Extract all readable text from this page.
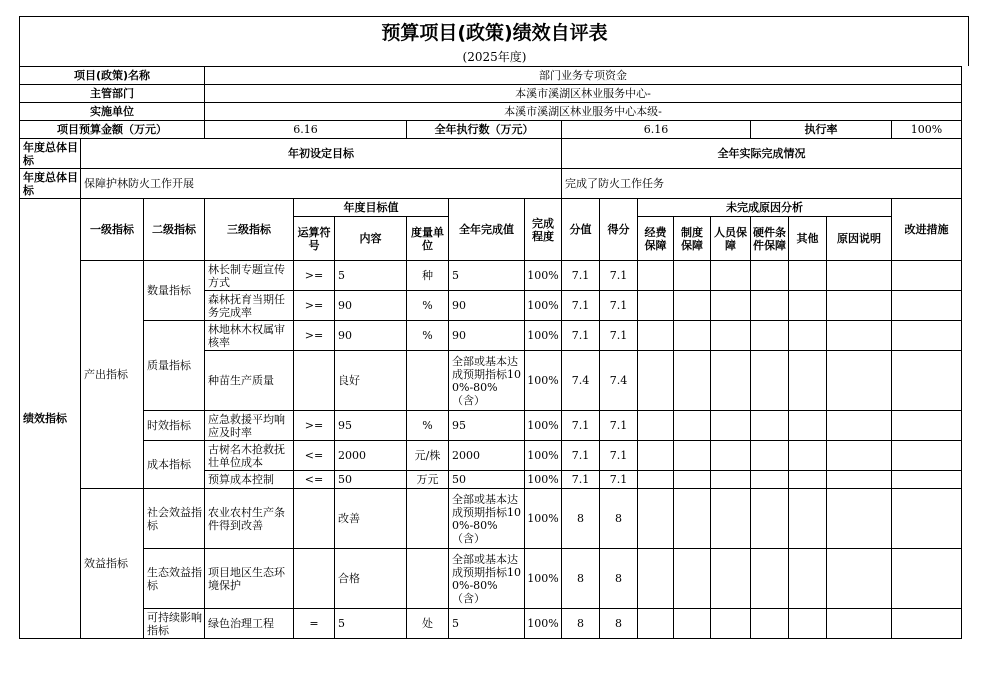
预算项目(政策)绩效自评表
(2025年度)
项目(政策)名称			部门业务专项资金														
主管部门			本溪市溪湖区林业服务中心-														
实施单位			本溪市溪湖区林业服务中心本级-														
项目预算金额（万元）			6.16			全年执行数（万元）			6.16					执行率			100%
年度总体目标	年初设定目标								全年实际完成情况								
年度总体目标	保障护林防火工作开展								完成了防火工作任务								
绩效指标	一级指标	二级指标	三级指标	年度目标值			全年完成值	完成程度	分值	得分	未完成原因分析						改进措施
				运算符号	内容	度量单位					经费保障	制度保障	人员保障	硬件条件保障	其他	原因说明	
	产出指标	数量指标	林长制专题宣传方式	>=	5	种	5	100%	7.1	7.1							
			森林抚育当期任务完成率	>=	90	%	90	100%	7.1	7.1							
		质量指标	林地林木权属审核率	>=	90	%	90	100%	7.1	7.1							
			种苗生产质量		良好		全部或基本达成预期指标100%-80%（含）	100%	7.4	7.4							
		时效指标	应急救援平均响应及时率	>=	95	%	95	100%	7.1	7.1							
		成本指标	古树名木抢救抚壮单位成本	<=	2000	元/株	2000	100%	7.1	7.1							
			预算成本控制	<=	50	万元	50	100%	7.1	7.1							
	效益指标	社会效益指标	农业农村生产条件得到改善		改善		全部或基本达成预期指标100%-80%（含）	100%	8	8							
		生态效益指标	项目地区生态环境保护		合格		全部或基本达成预期指标100%-80%（含）	100%	8	8							
		可持续影响指标	绿色治理工程	=	5	处	5	100%	8	8							
